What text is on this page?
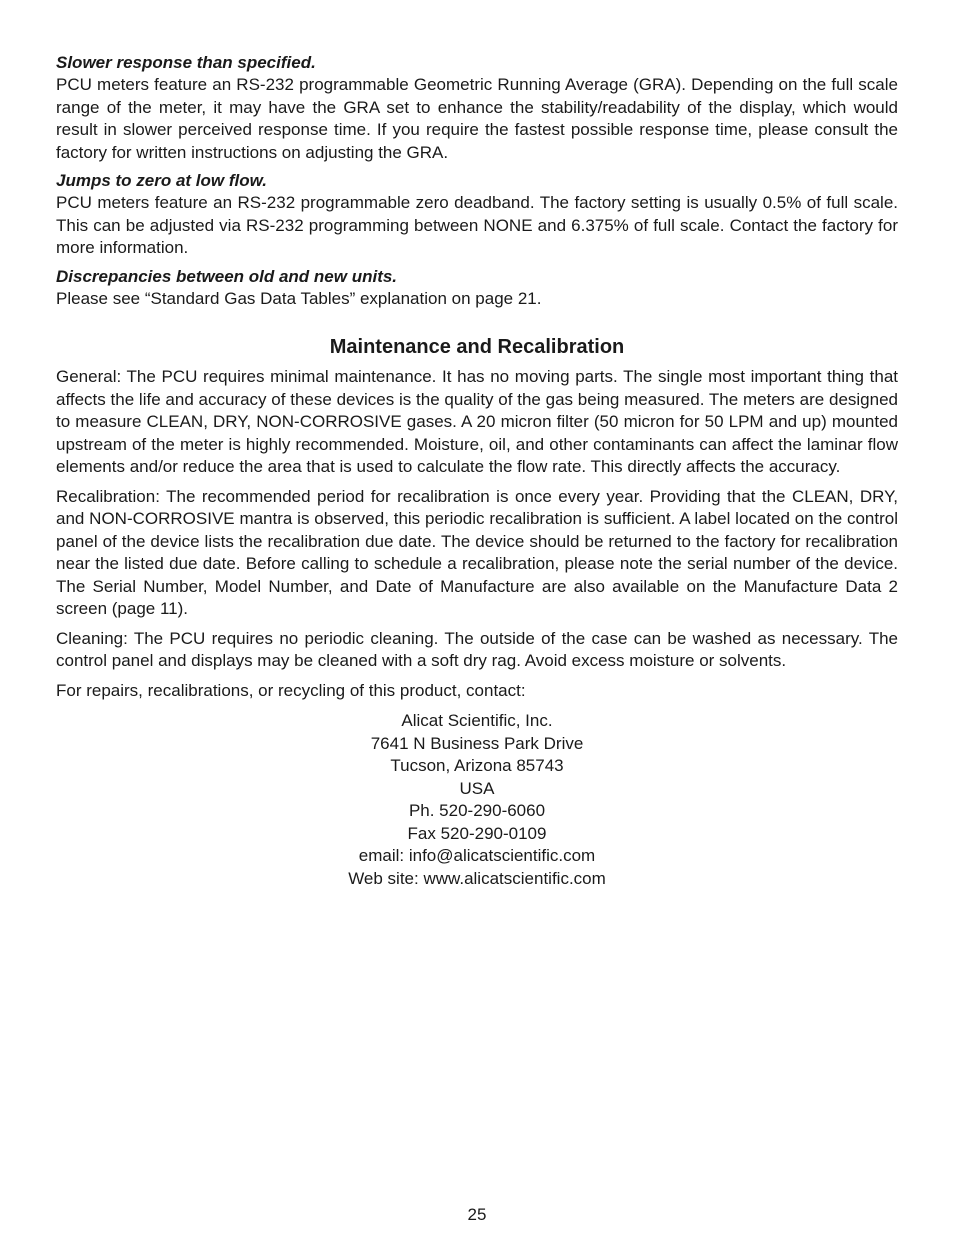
Slower response than specified.

PCU meters feature an RS-232 programmable Geometric Running Average (GRA). Depending on the full scale range of the meter, it may have the GRA set to enhance the stability/readability of the display, which would result in slower perceived response time. If you require the fastest possible response time, please consult the factory for written instructions on adjusting the GRA.

Jumps to zero at low flow.

PCU meters feature an RS-232 programmable zero deadband. The factory setting is usually 0.5% of full scale. This can be adjusted via RS-232 programming between NONE and 6.375% of full scale. Contact the factory for more information.

Discrepancies between old and new units.

Please see “Standard Gas Data Tables” explanation on page 21.

Maintenance and Recalibration

General: The PCU requires minimal maintenance. It has no moving parts. The single most important thing that affects the life and accuracy of these devices is the quality of the gas being measured. The meters are designed to measure CLEAN, DRY, NON-CORROSIVE gases. A 20 micron filter (50 micron for 50 LPM and up) mounted upstream of the meter is highly recommended. Moisture, oil, and other contaminants can affect the laminar flow elements and/or reduce the area that is used to calculate the flow rate. This directly affects the accuracy.

Recalibration: The recommended period for recalibration is once every year. Providing that the CLEAN, DRY, and NON-CORROSIVE mantra is observed, this periodic recalibration is sufficient. A label located on the control panel of the device lists the recalibration due date. The device should be returned to the factory for recalibration near the listed due date. Before calling to schedule a recalibration, please note the serial number of the device. The Serial Number, Model Number, and Date of Manufacture are also available on the Manufacture Data 2 screen (page 11).

Cleaning: The PCU requires no periodic cleaning. The outside of the case can be washed as necessary. The control panel and displays may be cleaned with a soft dry rag. Avoid excess moisture or solvents.

For repairs, recalibrations, or recycling of this product, contact:

Alicat Scientific, Inc.
7641 N Business Park Drive
Tucson, Arizona 85743
USA
Ph. 520-290-6060
Fax 520-290-0109
email: info@alicatscientific.com
Web site: www.alicatscientific.com
25
